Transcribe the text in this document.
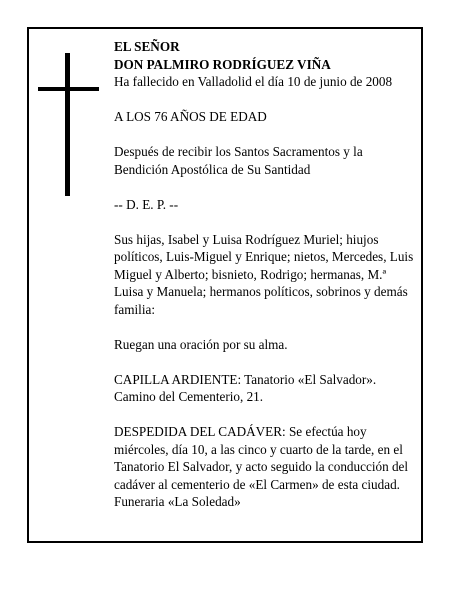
EL SEÑOR

DON PALMIRO RODRÍGUEZ VIÑA

Ha fallecido en Valladolid el día 10 de junio de 2008

A LOS 76 AÑOS DE EDAD

Después de recibir los Santos Sacramentos y la Bendición Apostólica de Su Santidad

-- D. E. P. --

Sus hijas, Isabel y Luisa Rodríguez Muriel; hiujos políticos, Luis-Miguel y Enrique; nietos, Mercedes, Luis Miguel y Alberto; bisnieto, Rodrigo; hermanas, M.ª Luisa y Manuela; hermanos políticos, sobrinos y demás familia:

Ruegan una oración por su alma.

CAPILLA ARDIENTE: Tanatorio «El Salvador». Camino del Cementerio, 21.

DESPEDIDA DEL CADÁVER: Se efectúa hoy miércoles, día 10, a las cinco y cuarto de la tarde, en el Tanatorio El Salvador, y acto seguido la conducción del cadáver al cementerio de «El Carmen» de esta ciudad.

Funeraria «La Soledad»
